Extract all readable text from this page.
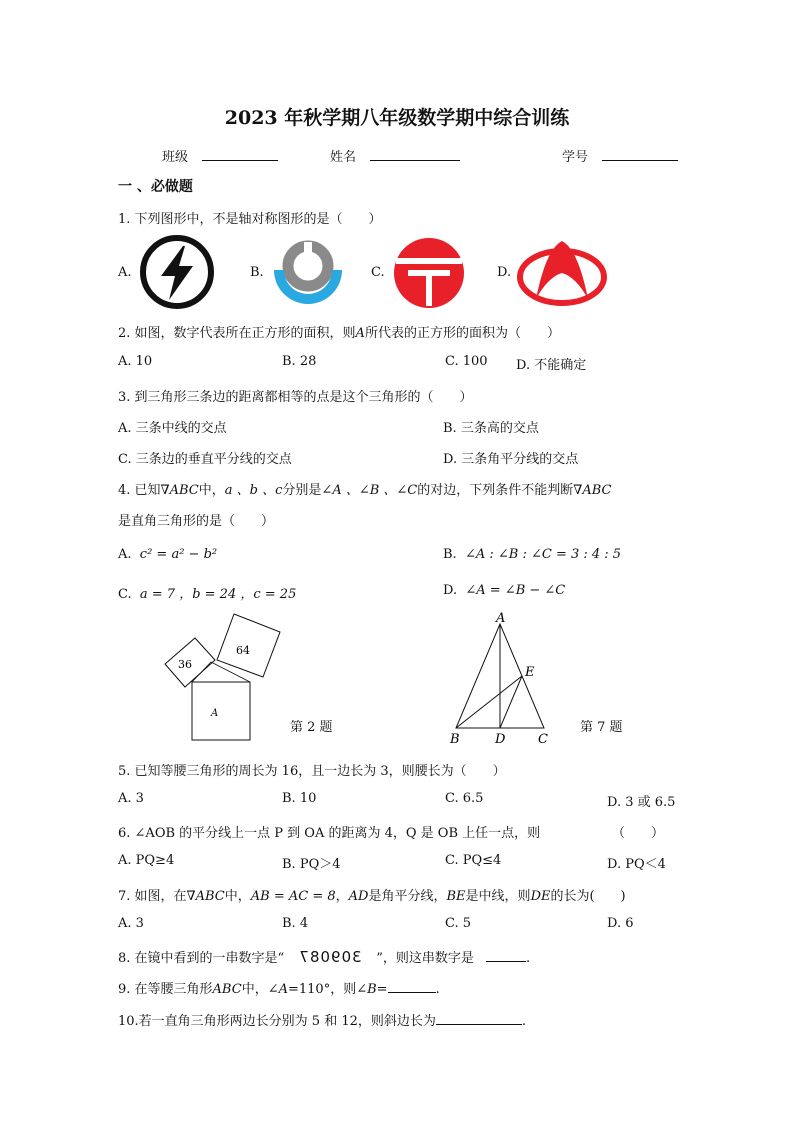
2023 年秋学期八年级数学期中综合训练
班级	姓名	学号
一 、必做题
1. 下列图形中，不是轴对称图形的是（　　）
A.	B.	C.	D.
2. 如图，数字代表所在正方形的面积，则A所代表的正方形的面积为（　　）
A. 10	B. 28	C. 100 D. 不能确定
3. 到三角形三条边的距离都相等的点是这个三角形的（　　）
A. 三条中线的交点	B. 三条高的交点
C. 三条边的垂直平分线的交点	D. 三条角平分线的交点
4. 已知∇ABC中，a 、b 、c分别是∠A 、∠B 、∠C的对边，下列条件不能判断∇ABC
是直角三角形的是（　　）
A. c² = a² − b²	B. ∠A : ∠B : ∠C = 3 : 4 : 5
C. a = 7 ，b = 24 ，c = 25	D. ∠A = ∠B − ∠C
36
64
A
第 2 题
A
B	D	C
E
第 7 题
5. 已知等腰三角形的周长为 16，且一边长为 3，则腰长为（　　）
A. 3	B. 10	C. 6.5	D. 3 或 6.5
6. ∠AOB 的平分线上一点 P 到 OA 的距离为 4，Q 是 OB 上任一点，则	（　　）
A. PQ≥4	B. PQ＞4	C. PQ≤4	D. PQ＜4
7. 如图，在∇ABC中，AB = AC = 8，AD是角平分线，BE是中线，则DE的长为(　　)
A. 3	B. 4	C. 5	D. 6
8. 在镜中看到的一串数字是“ 309087 ”，则这串数字是	.
9. 在等腰三角形ABC中，∠A=110°，则∠B=	.
10.若一直角三角形两边长分别为 5 和 12，则斜边长为	.
